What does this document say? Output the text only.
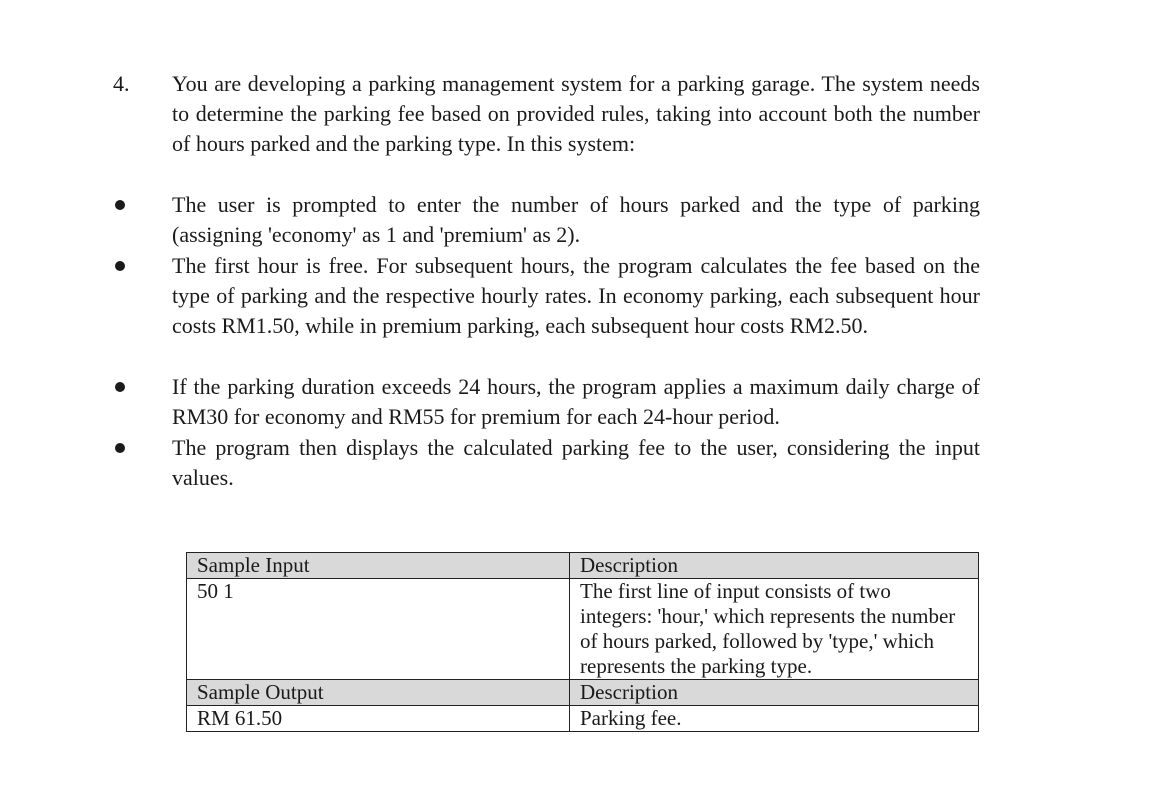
4. You are developing a parking management system for a parking garage. The system needs to determine the parking fee based on provided rules, taking into account both the number of hours parked and the parking type. In this system:
The user is prompted to enter the number of hours parked and the type of parking (assigning 'economy' as 1 and 'premium' as 2).
The first hour is free. For subsequent hours, the program calculates the fee based on the type of parking and the respective hourly rates. In economy parking, each subsequent hour costs RM1.50, while in premium parking, each subsequent hour costs RM2.50.
If the parking duration exceeds 24 hours, the program applies a maximum daily charge of RM30 for economy and RM55 for premium for each 24-hour period.
The program then displays the calculated parking fee to the user, considering the input values.
Sample Input	Description
50 1	The first line of input consists of two integers: 'hour,' which represents the number of hours parked, followed by 'type,' which represents the parking type.
Sample Output	Description
RM 61.50	Parking fee.
